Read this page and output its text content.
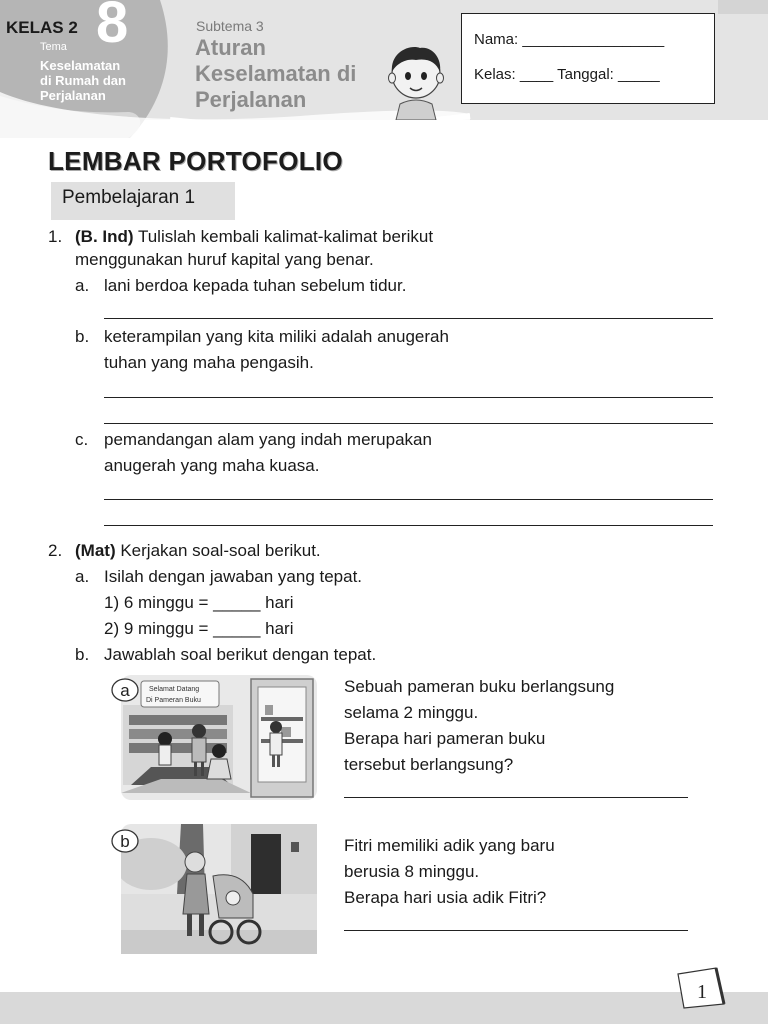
KELAS 2 8
Tema
Keselamatan
di Rumah dan
Perjalanan
Subtema 3
Aturan
Keselamatan di
Perjalanan
Nama: _________________
Kelas: ____ Tanggal: _____
LEMBAR PORTOFOLIO
Pembelajaran 1
1. (B. Ind) Tulislah kembali kalimat-kalimat berikut
menggunakan huruf kapital yang benar.
a. lani berdoa kepada tuhan sebelum tidur.
b. keterampilan yang kita miliki adalah anugerah
tuhan yang maha pengasih.
c. pemandangan alam yang indah merupakan
anugerah yang maha kuasa.
2. (Mat) Kerjakan soal-soal berikut.
a. Isilah dengan jawaban yang tepat.
1) 6 minggu = _____ hari
2) 9 minggu = _____ hari
b. Jawablah soal berikut dengan tepat.
Selamat Datang
Di Pameran Buku
a	Sebuah pameran buku berlangsung
selama 2 minggu.
Berapa hari pameran buku
tersebut berlangsung?
b	Fitri memiliki adik yang baru
berusia 8 minggu.
Berapa hari usia adik Fitri?
1
